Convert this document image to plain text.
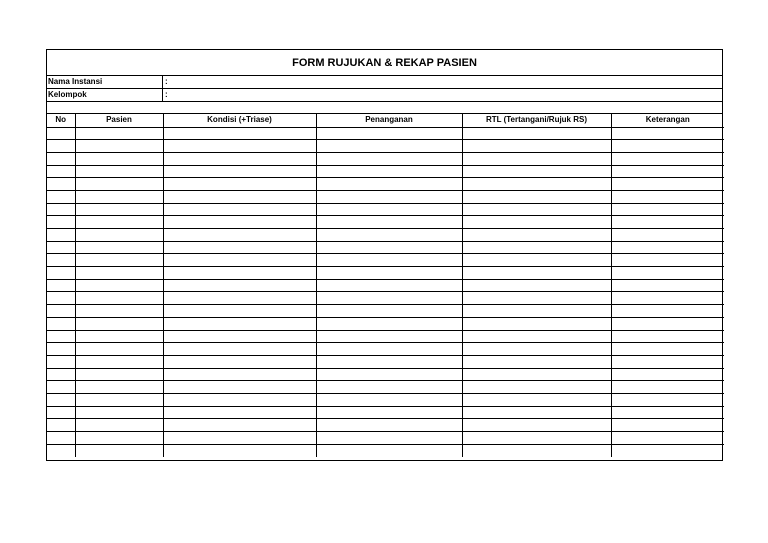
FORM RUJUKAN & REKAP PASIEN
Nama Instansi	:
Kelompok	:
No	Pasien	Kondisi (+Triase)	Penanganan	RTL (Tertangani/Rujuk RS)	Keterangan
